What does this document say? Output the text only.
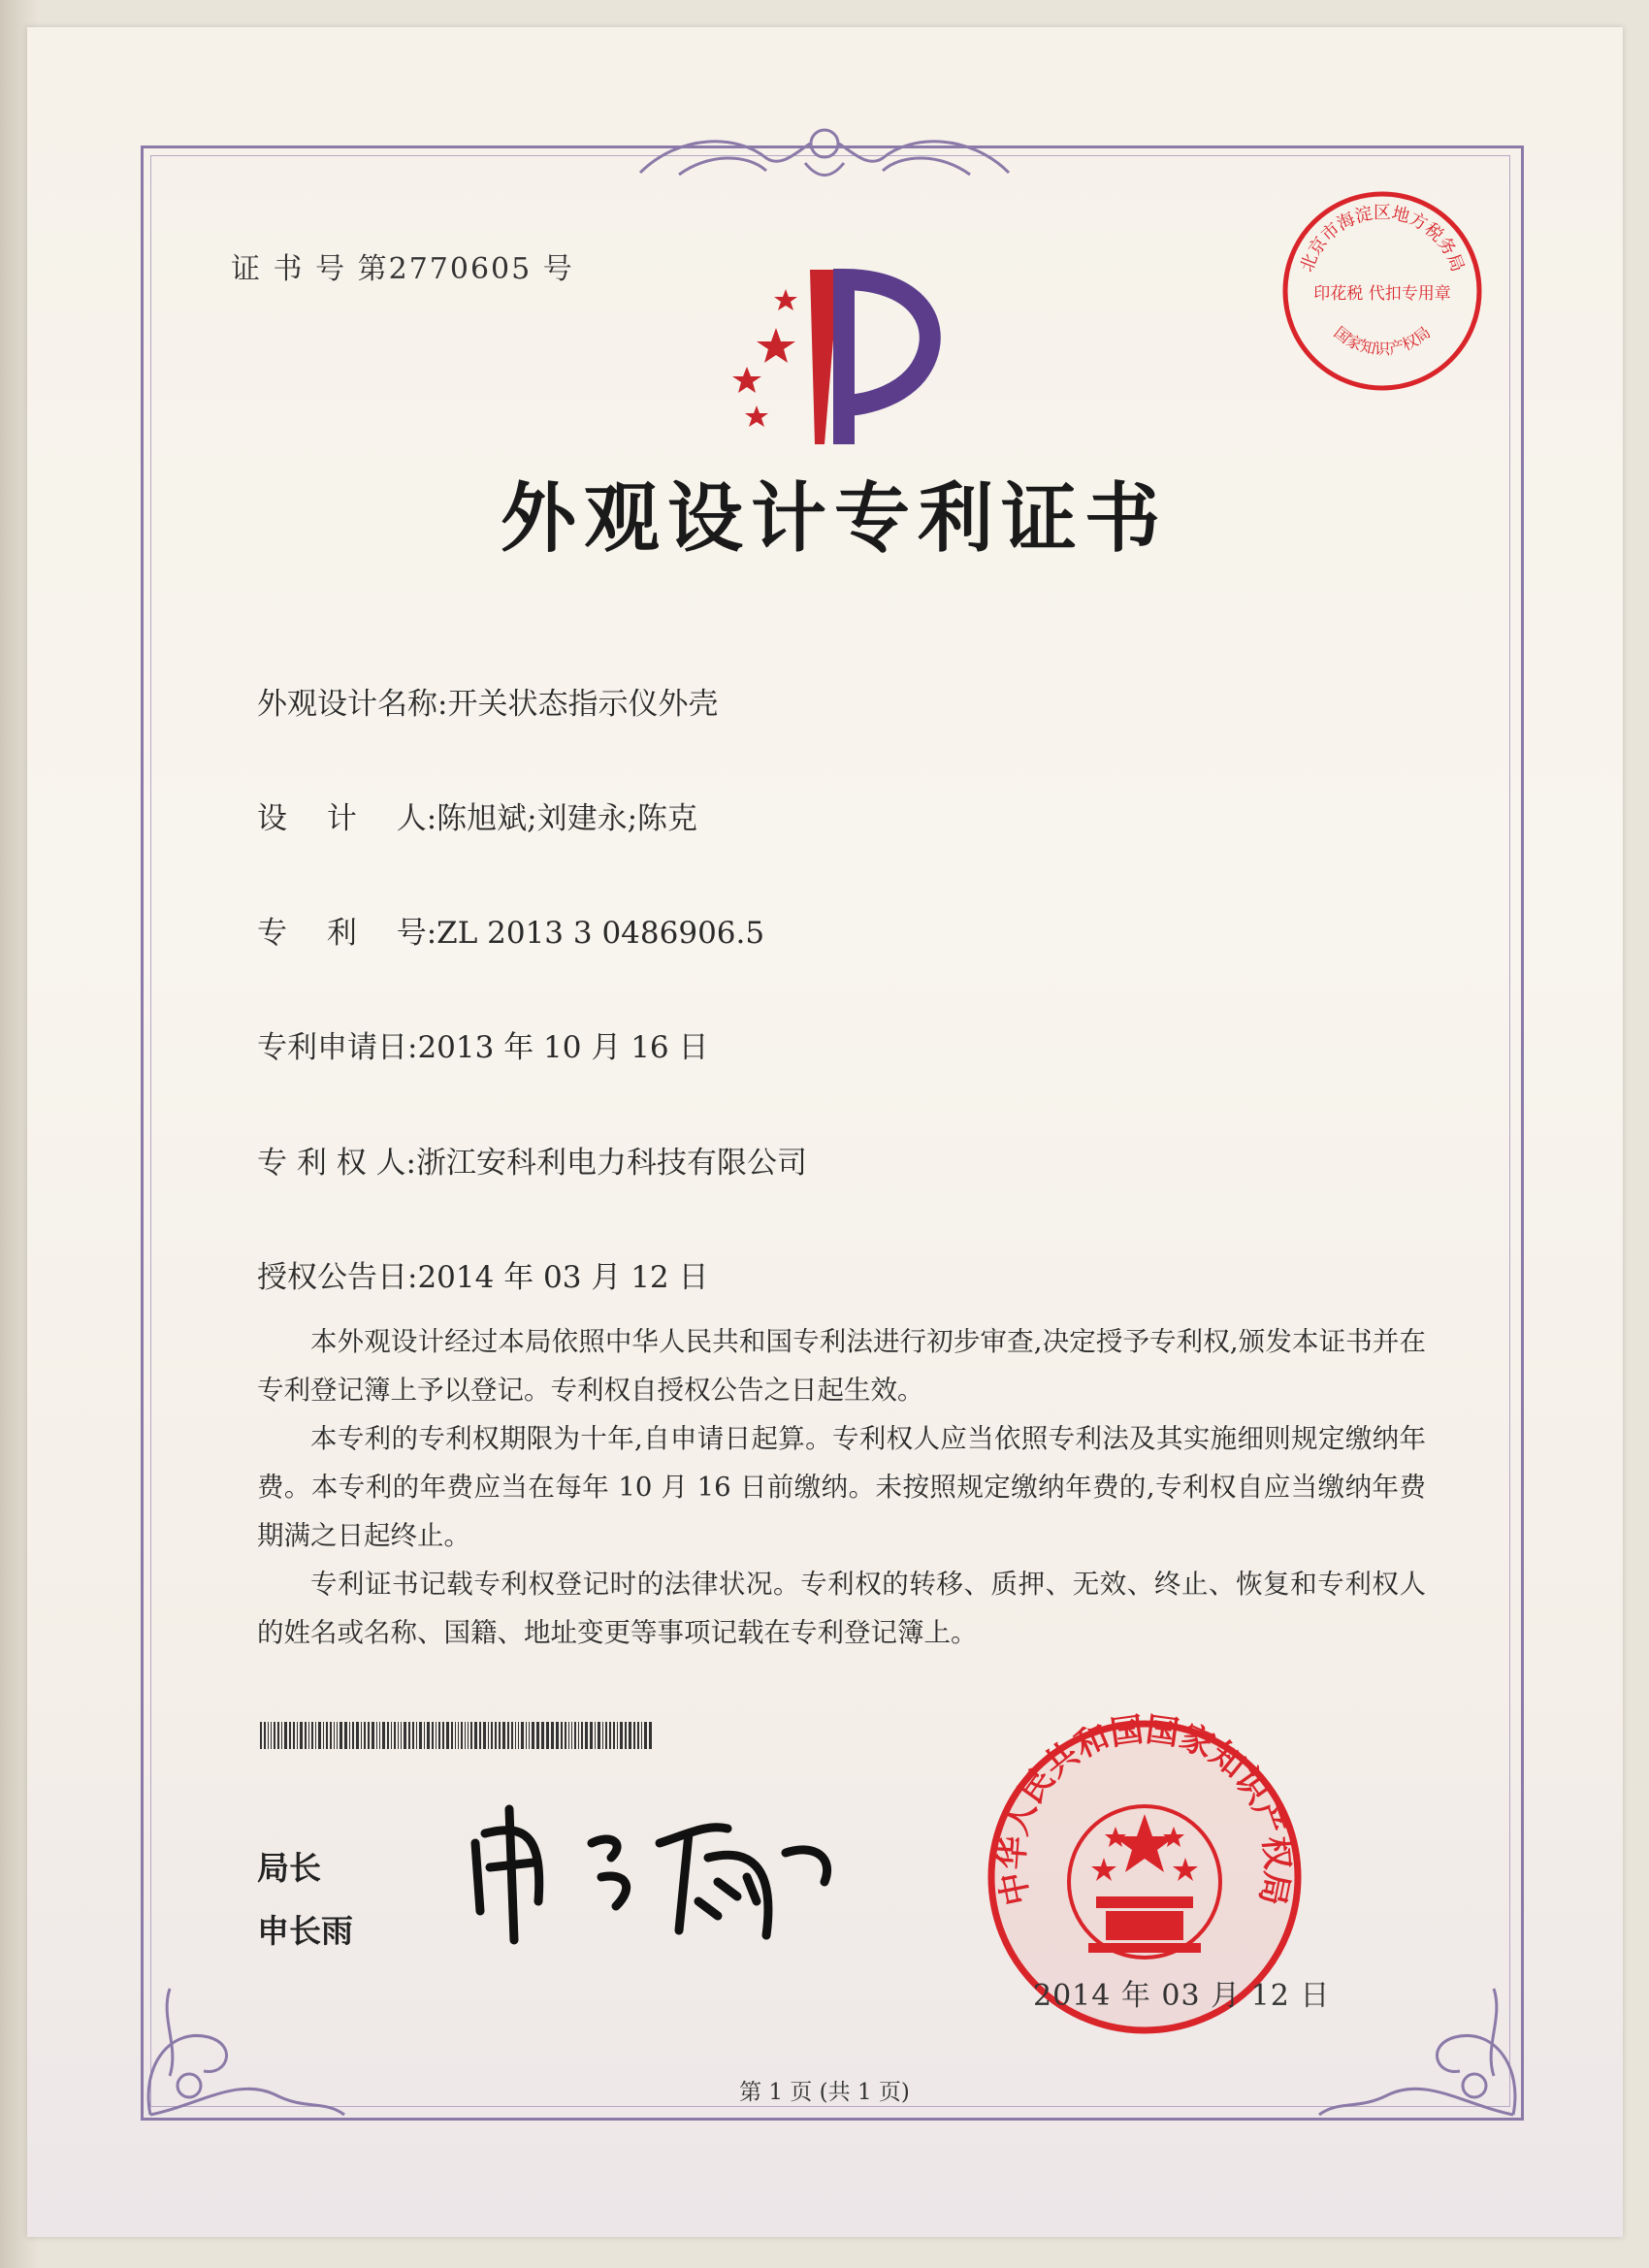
证 书 号 第2770605 号
外观设计专利证书
北京市海淀区地方税务局
国家知识产权局
印花税 代扣专用章
外观设计名称:开关状态指示仪外壳
设　 计　 人:陈旭斌;刘建永;陈克
专　 利　 号:ZL 2013 3 0486906.5
专利申请日:2013 年 10 月 16 日
专 利 权 人:浙江安科利电力科技有限公司
授权公告日:2014 年 03 月 12 日

本外观设计经过本局依照中华人民共和国专利法进行初步审查,决定授予专利权,颁发本证书并在专利登记簿上予以登记。专利权自授权公告之日起生效。

本专利的专利权期限为十年,自申请日起算。专利权人应当依照专利法及其实施细则规定缴纳年费。本专利的年费应当在每年 10 月 16 日前缴纳。未按照规定缴纳年费的,专利权自应当缴纳年费期满之日起终止。

专利证书记载专利权登记时的法律状况。专利权的转移、质押、无效、终止、恢复和专利权人的姓名或名称、国籍、地址变更等事项记载在专利登记簿上。

局长
申长雨
中华人民共和国国家知识产权局
2014 年 03 月 12 日
第 1 页 (共 1 页)
